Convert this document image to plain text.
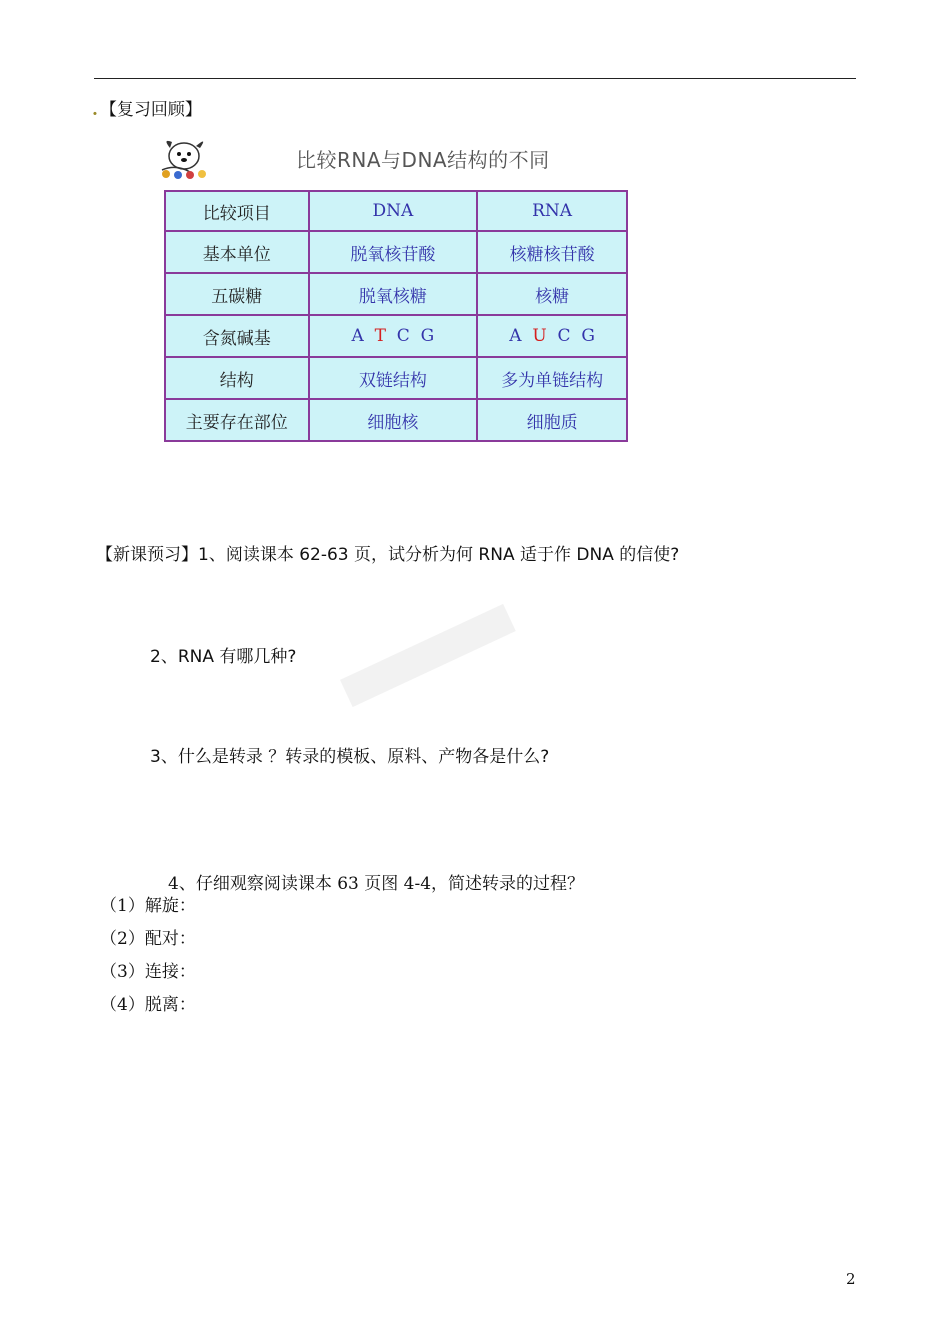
. 【复习回顾】
比较RNA与DNA结构的不同
比较项目	DNA	RNA
基本单位	脱氧核苷酸	核糖核苷酸
五碳糖	脱氧核糖	核糖
含氮碱基	A T C G	A U C G
结构	双链结构	多为单链结构
主要存在部位	细胞核	细胞质
【新课预习】1、阅读课本 62-63 页，试分析为何 RNA 适于作 DNA 的信使?
2、RNA 有哪几种?
3、什么是转录 ？转录的模板、原料、产物各是什么?
4、仔细观察阅读课本 63 页图 4-4，简述转录的过程？
（1）解旋：
（2）配对：
（3）连接：
（4）脱离：
2
